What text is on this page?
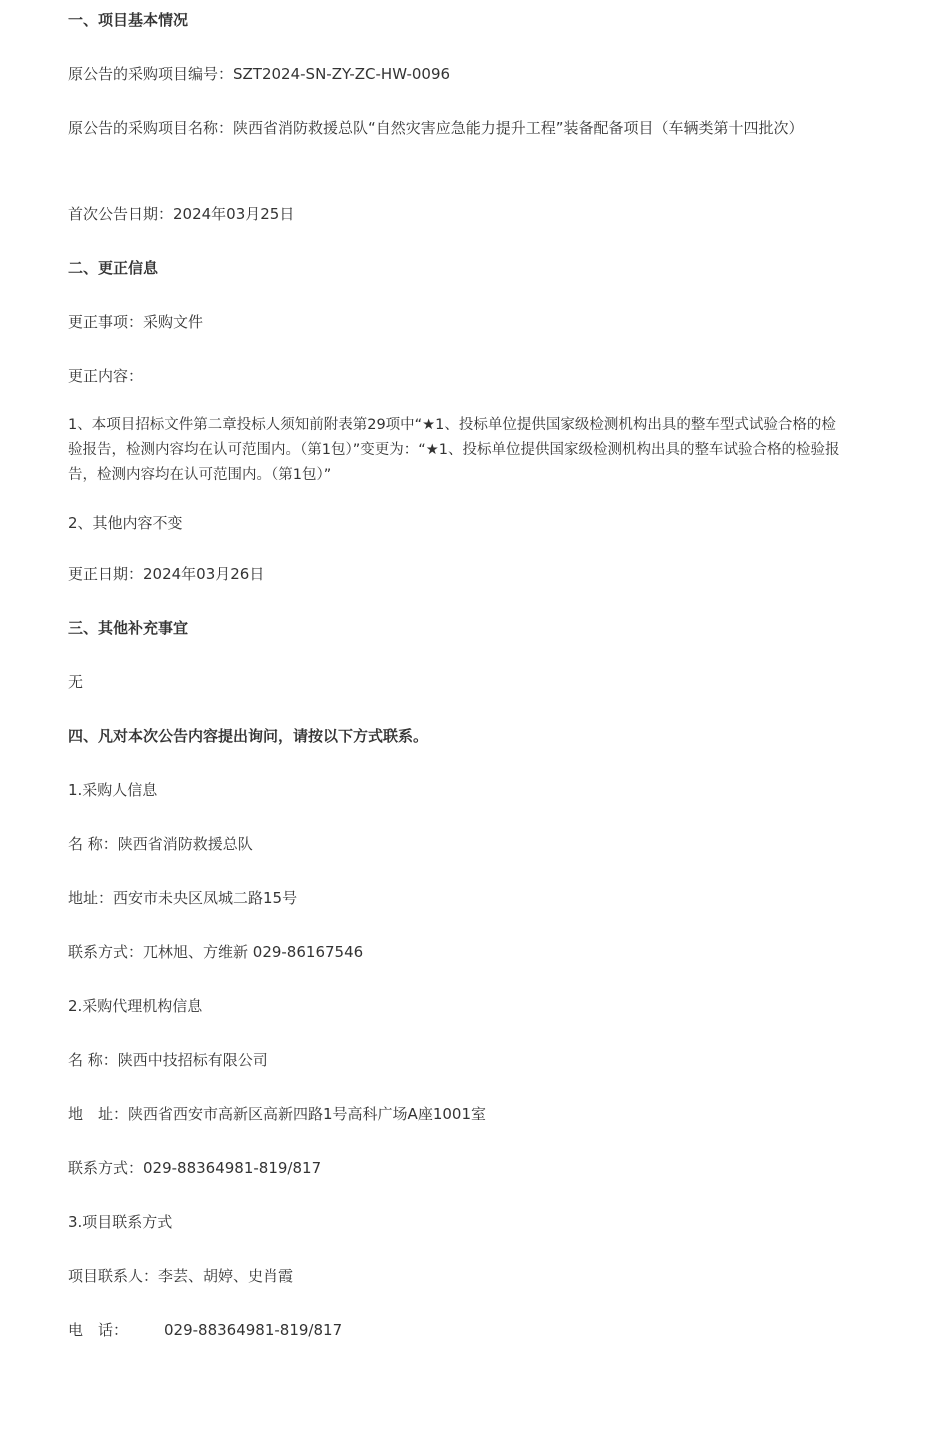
一、项目基本情况
原公告的采购项目编号：SZT2024-SN-ZY-ZC-HW-0096
原公告的采购项目名称：陕西省消防救援总队“自然灾害应急能力提升工程”装备配备项目（车辆类第十四批次）
首次公告日期：2024年03月25日
二、更正信息
更正事项：采购文件
更正内容：
1、本项目招标文件第二章投标人须知前附表第29项中“★1、投标单位提供国家级检测机构出具的整车型式试验合格的检验报告，检测内容均在认可范围内。（第1包）”变更为：“★1、投标单位提供国家级检测机构出具的整车试验合格的检验报告，检测内容均在认可范围内。（第1包）”
2、其他内容不变
更正日期：2024年03月26日
三、其他补充事宜
无
四、凡对本次公告内容提出询问，请按以下方式联系。
1.采购人信息
名 称：陕西省消防救援总队
地址：西安市未央区凤城二路15号
联系方式：兀林旭、方维新 029-86167546
2.采购代理机构信息
名 称：陕西中技招标有限公司
地　址：陕西省西安市高新区高新四路1号高科广场A座1001室
联系方式：029-88364981-819/817
3.项目联系方式
项目联系人：李芸、胡婷、史肖霞
电　话： 029-88364981-819/817
